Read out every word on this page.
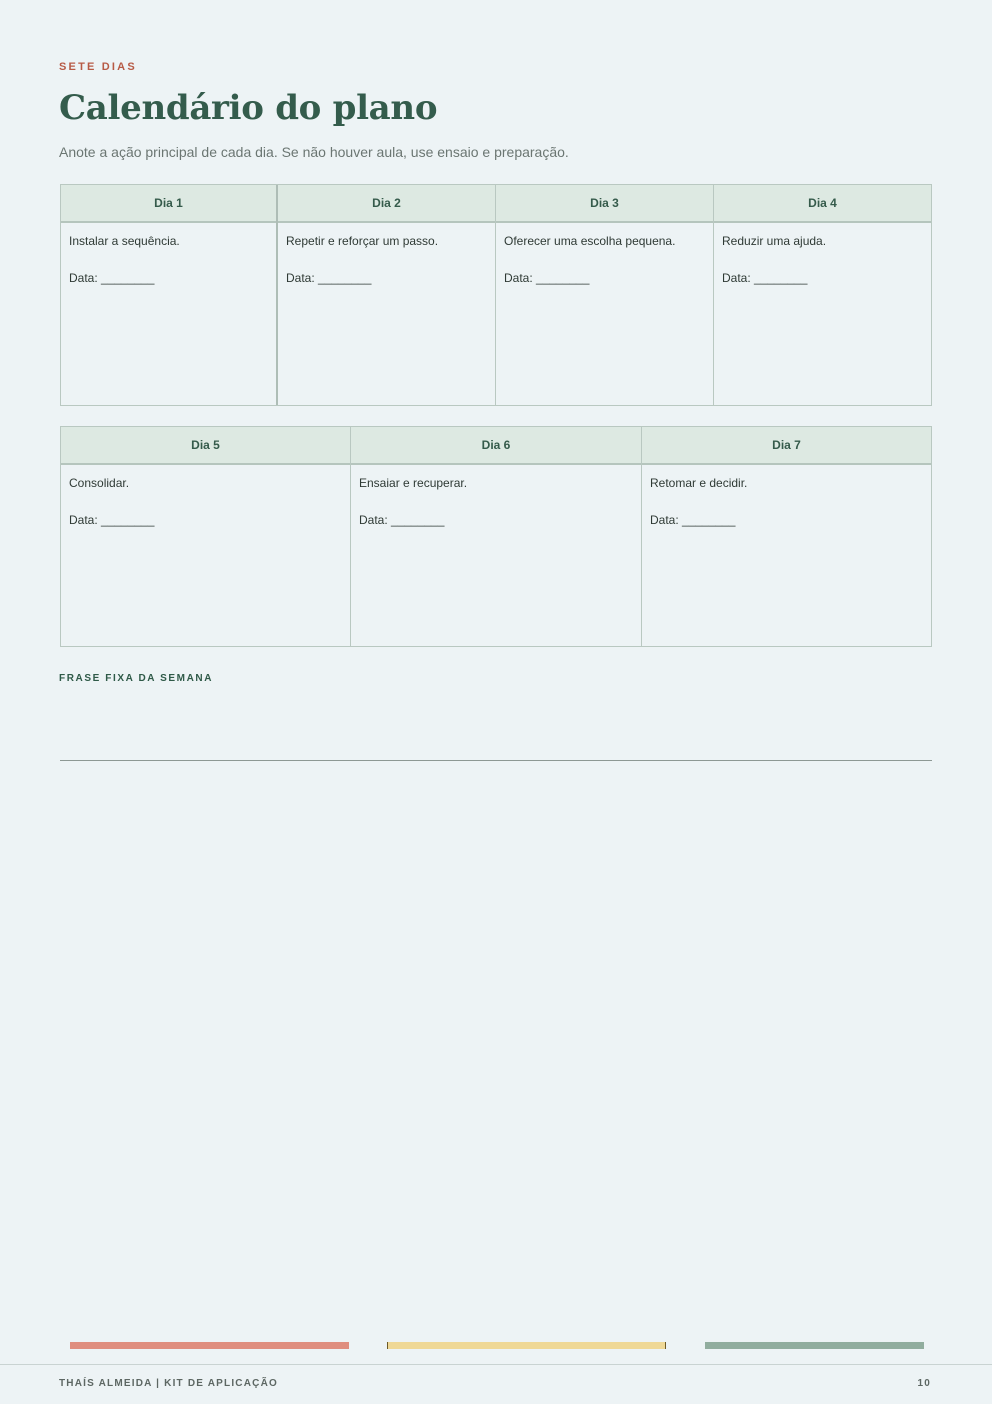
SETE DIAS
Calendário do plano
Anote a ação principal de cada dia. Se não houver aula, use ensaio e preparação.
Dia 1
Instalar a sequência.
Data: ________
Dia 2
Repetir e reforçar um passo.
Data: ________
Dia 3
Oferecer uma escolha pequena.
Data: ________
Dia 4
Reduzir uma ajuda.
Data: ________
Dia 5
Consolidar.
Data: ________
Dia 6
Ensaiar e recuperar.
Data: ________
Dia 7
Retomar e decidir.
Data: ________
FRASE FIXA DA SEMANA
THAÍS ALMEIDA | KIT DE APLICAÇÃO	10
